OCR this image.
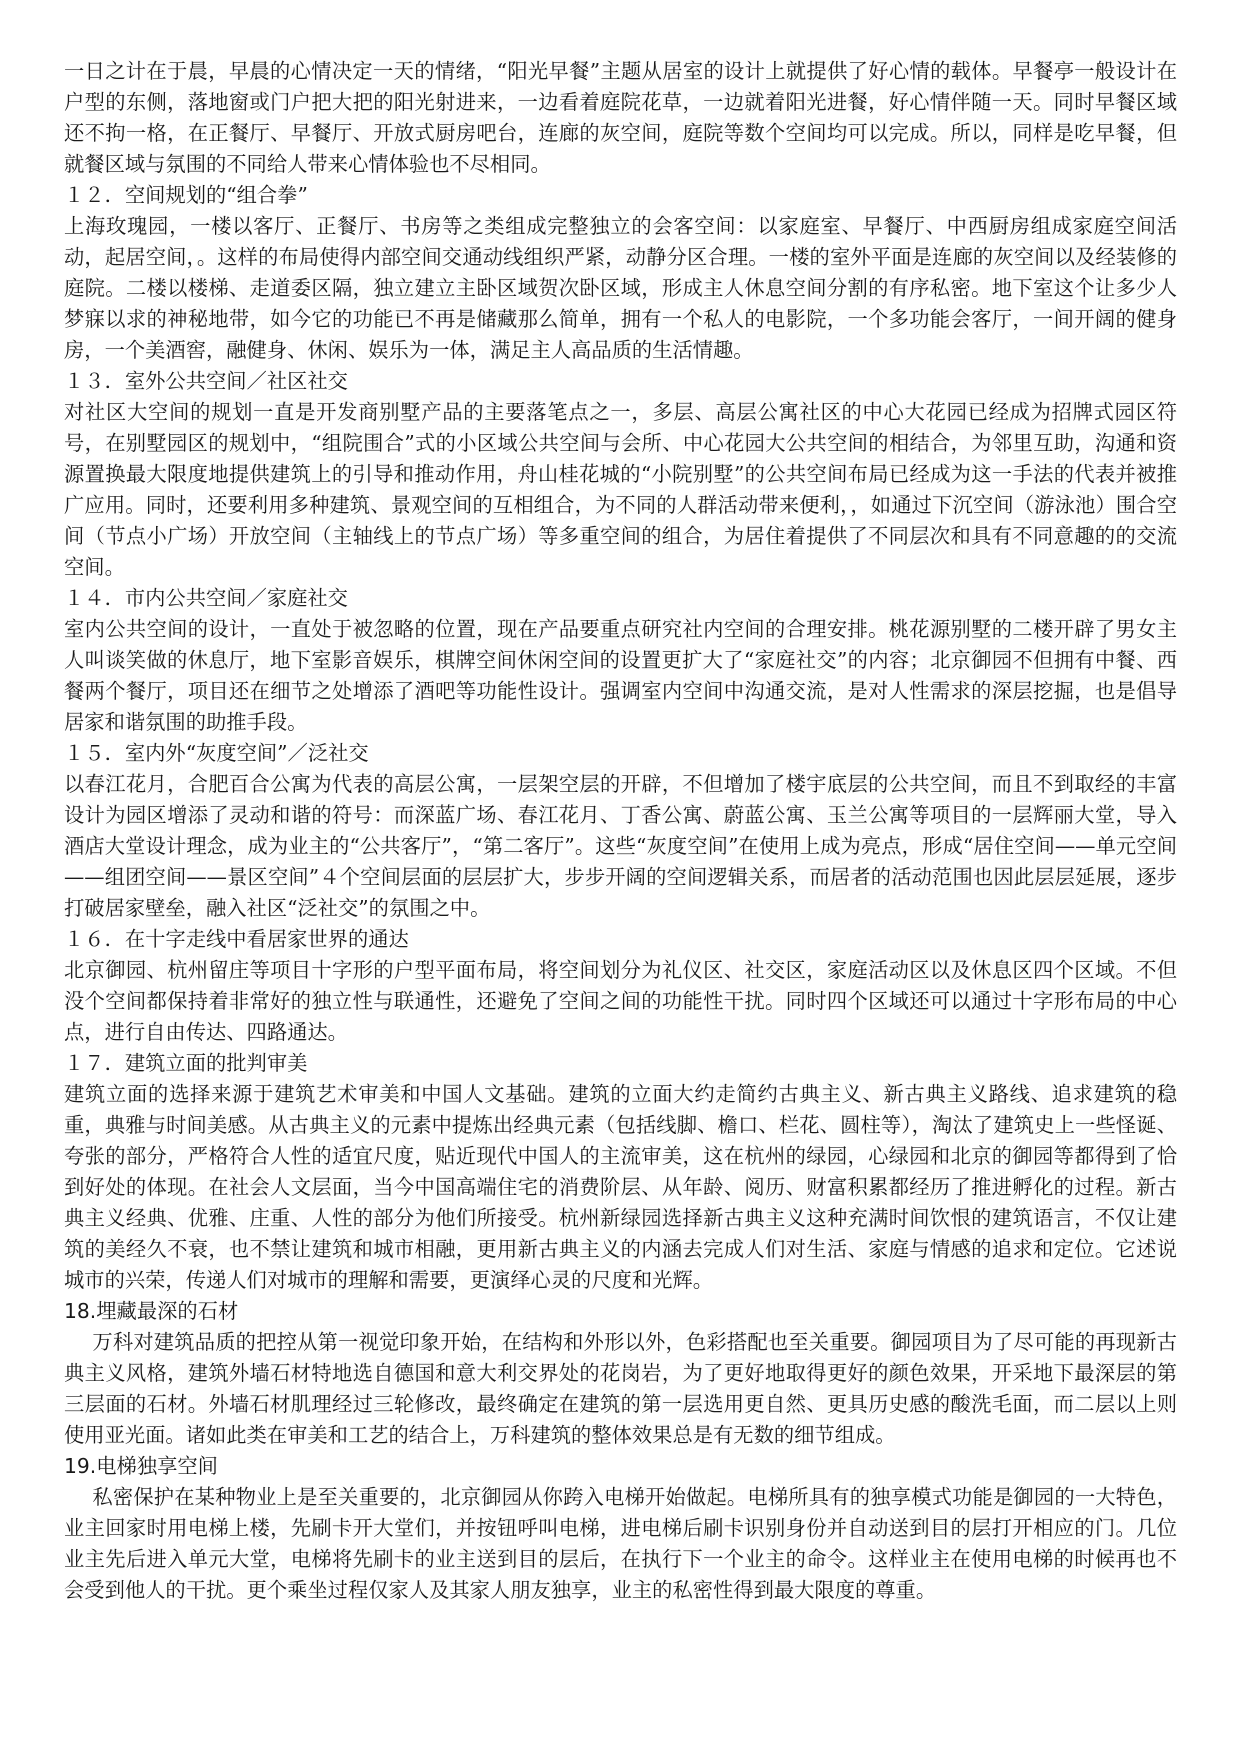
一日之计在于晨，早晨的心情决定一天的情绪，“阳光早餐”主题从居室的设计上就提供了好心情的载体。早餐亭一般设计在户型的东侧，落地窗或门户把大把的阳光射进来，一边看着庭院花草，一边就着阳光进餐，好心情伴随一天。同时早餐区域还不拘一格，在正餐厅、早餐厅、开放式厨房吧台，连廊的灰空间，庭院等数个空间均可以完成。所以，同样是吃早餐，但就餐区域与氛围的不同给人带来心情体验也不尽相同。

１２．空间规划的“组合拳”

上海玫瑰园，一楼以客厅、正餐厅、书房等之类组成完整独立的会客空间：以家庭室、早餐厅、中西厨房组成家庭空间活动，起居空间，。这样的布局使得内部空间交通动线组织严紧，动静分区合理。一楼的室外平面是连廊的灰空间以及经装修的庭院。二楼以楼梯、走道委区隔，独立建立主卧区域贺次卧区域，形成主人休息空间分割的有序私密。地下室这个让多少人梦寐以求的神秘地带，如今它的功能已不再是储藏那么简单，拥有一个私人的电影院，一个多功能会客厅，一间开阔的健身房，一个美酒窖，融健身、休闲、娱乐为一体，满足主人高品质的生活情趣。

１３．室外公共空间／社区社交

对社区大空间的规划一直是开发商别墅产品的主要落笔点之一，多层、高层公寓社区的中心大花园已经成为招牌式园区符号，在别墅园区的规划中，“组院围合”式的小区域公共空间与会所、中心花园大公共空间的相结合，为邻里互助，沟通和资源置换最大限度地提供建筑上的引导和推动作用，舟山桂花城的“小院别墅”的公共空间布局已经成为这一手法的代表并被推广应用。同时，还要利用多种建筑、景观空间的互相组合，为不同的人群活动带来便利，，如通过下沉空间（游泳池）围合空间（节点小广场）开放空间（主轴线上的节点广场）等多重空间的组合，为居住着提供了不同层次和具有不同意趣的的交流空间。

１４．市内公共空间／家庭社交

室内公共空间的设计，一直处于被忽略的位置，现在产品要重点研究社内空间的合理安排。桃花源别墅的二楼开辟了男女主人叫谈笑做的休息厅，地下室影音娱乐，棋牌空间休闲空间的设置更扩大了“家庭社交”的内容；北京御园不但拥有中餐、西餐两个餐厅，项目还在细节之处增添了酒吧等功能性设计。强调室内空间中沟通交流，是对人性需求的深层挖掘，也是倡导居家和谐氛围的助推手段。

１５．室内外“灰度空间”／泛社交

以春江花月，合肥百合公寓为代表的高层公寓，一层架空层的开辟，不但增加了楼宇底层的公共空间，而且不到取经的丰富设计为园区增添了灵动和谐的符号：而深蓝广场、春江花月、丁香公寓、蔚蓝公寓、玉兰公寓等项目的一层辉丽大堂，导入酒店大堂设计理念，成为业主的“公共客厅”，“第二客厅”。这些“灰度空间”在使用上成为亮点，形成“居住空间——单元空间——组团空间——景区空间”４个空间层面的层层扩大，步步开阔的空间逻辑关系，而居者的活动范围也因此层层延展，逐步打破居家壁垒，融入社区“泛社交”的氛围之中。

１６．在十字走线中看居家世界的通达

北京御园、杭州留庄等项目十字形的户型平面布局，将空间划分为礼仪区、社交区，家庭活动区以及休息区四个区域。不但没个空间都保持着非常好的独立性与联通性，还避免了空间之间的功能性干扰。同时四个区域还可以通过十字形布局的中心点，进行自由传达、四路通达。

１７．建筑立面的批判审美

建筑立面的选择来源于建筑艺术审美和中国人文基础。建筑的立面大约走简约古典主义、新古典主义路线、追求建筑的稳重，典雅与时间美感。从古典主义的元素中提炼出经典元素（包括线脚、檐口、栏花、圆柱等），淘汰了建筑史上一些怪诞、夸张的部分，严格符合人性的适宜尺度，贴近现代中国人的主流审美，这在杭州的绿园，心绿园和北京的御园等都得到了恰到好处的体现。在社会人文层面，当今中国高端住宅的消费阶层、从年龄、阅历、财富积累都经历了推进孵化的过程。新古典主义经典、优雅、庄重、人性的部分为他们所接受。杭州新绿园选择新古典主义这种充满时间饮恨的建筑语言，不仅让建筑的美经久不衰，也不禁让建筑和城市相融，更用新古典主义的内涵去完成人们对生活、家庭与情感的追求和定位。它述说城市的兴荣，传递人们对城市的理解和需要，更演绎心灵的尺度和光辉。

18.埋藏最深的石材

万科对建筑品质的把控从第一视觉印象开始，在结构和外形以外，色彩搭配也至关重要。御园项目为了尽可能的再现新古典主义风格，建筑外墙石材特地选自德国和意大利交界处的花岗岩，为了更好地取得更好的颜色效果，开采地下最深层的第三层面的石材。外墙石材肌理经过三轮修改，最终确定在建筑的第一层选用更自然、更具历史感的酸洗毛面，而二层以上则使用亚光面。诸如此类在审美和工艺的结合上，万科建筑的整体效果总是有无数的细节组成。

19.电梯独享空间

私密保护在某种物业上是至关重要的，北京御园从你跨入电梯开始做起。电梯所具有的独享模式功能是御园的一大特色，业主回家时用电梯上楼，先刷卡开大堂们，并按钮呼叫电梯，进电梯后刷卡识别身份并自动送到目的层打开相应的门。几位业主先后进入单元大堂，电梯将先刷卡的业主送到目的层后，在执行下一个业主的命令。这样业主在使用电梯的时候再也不会受到他人的干扰。更个乘坐过程仅家人及其家人朋友独享，业主的私密性得到最大限度的尊重。
